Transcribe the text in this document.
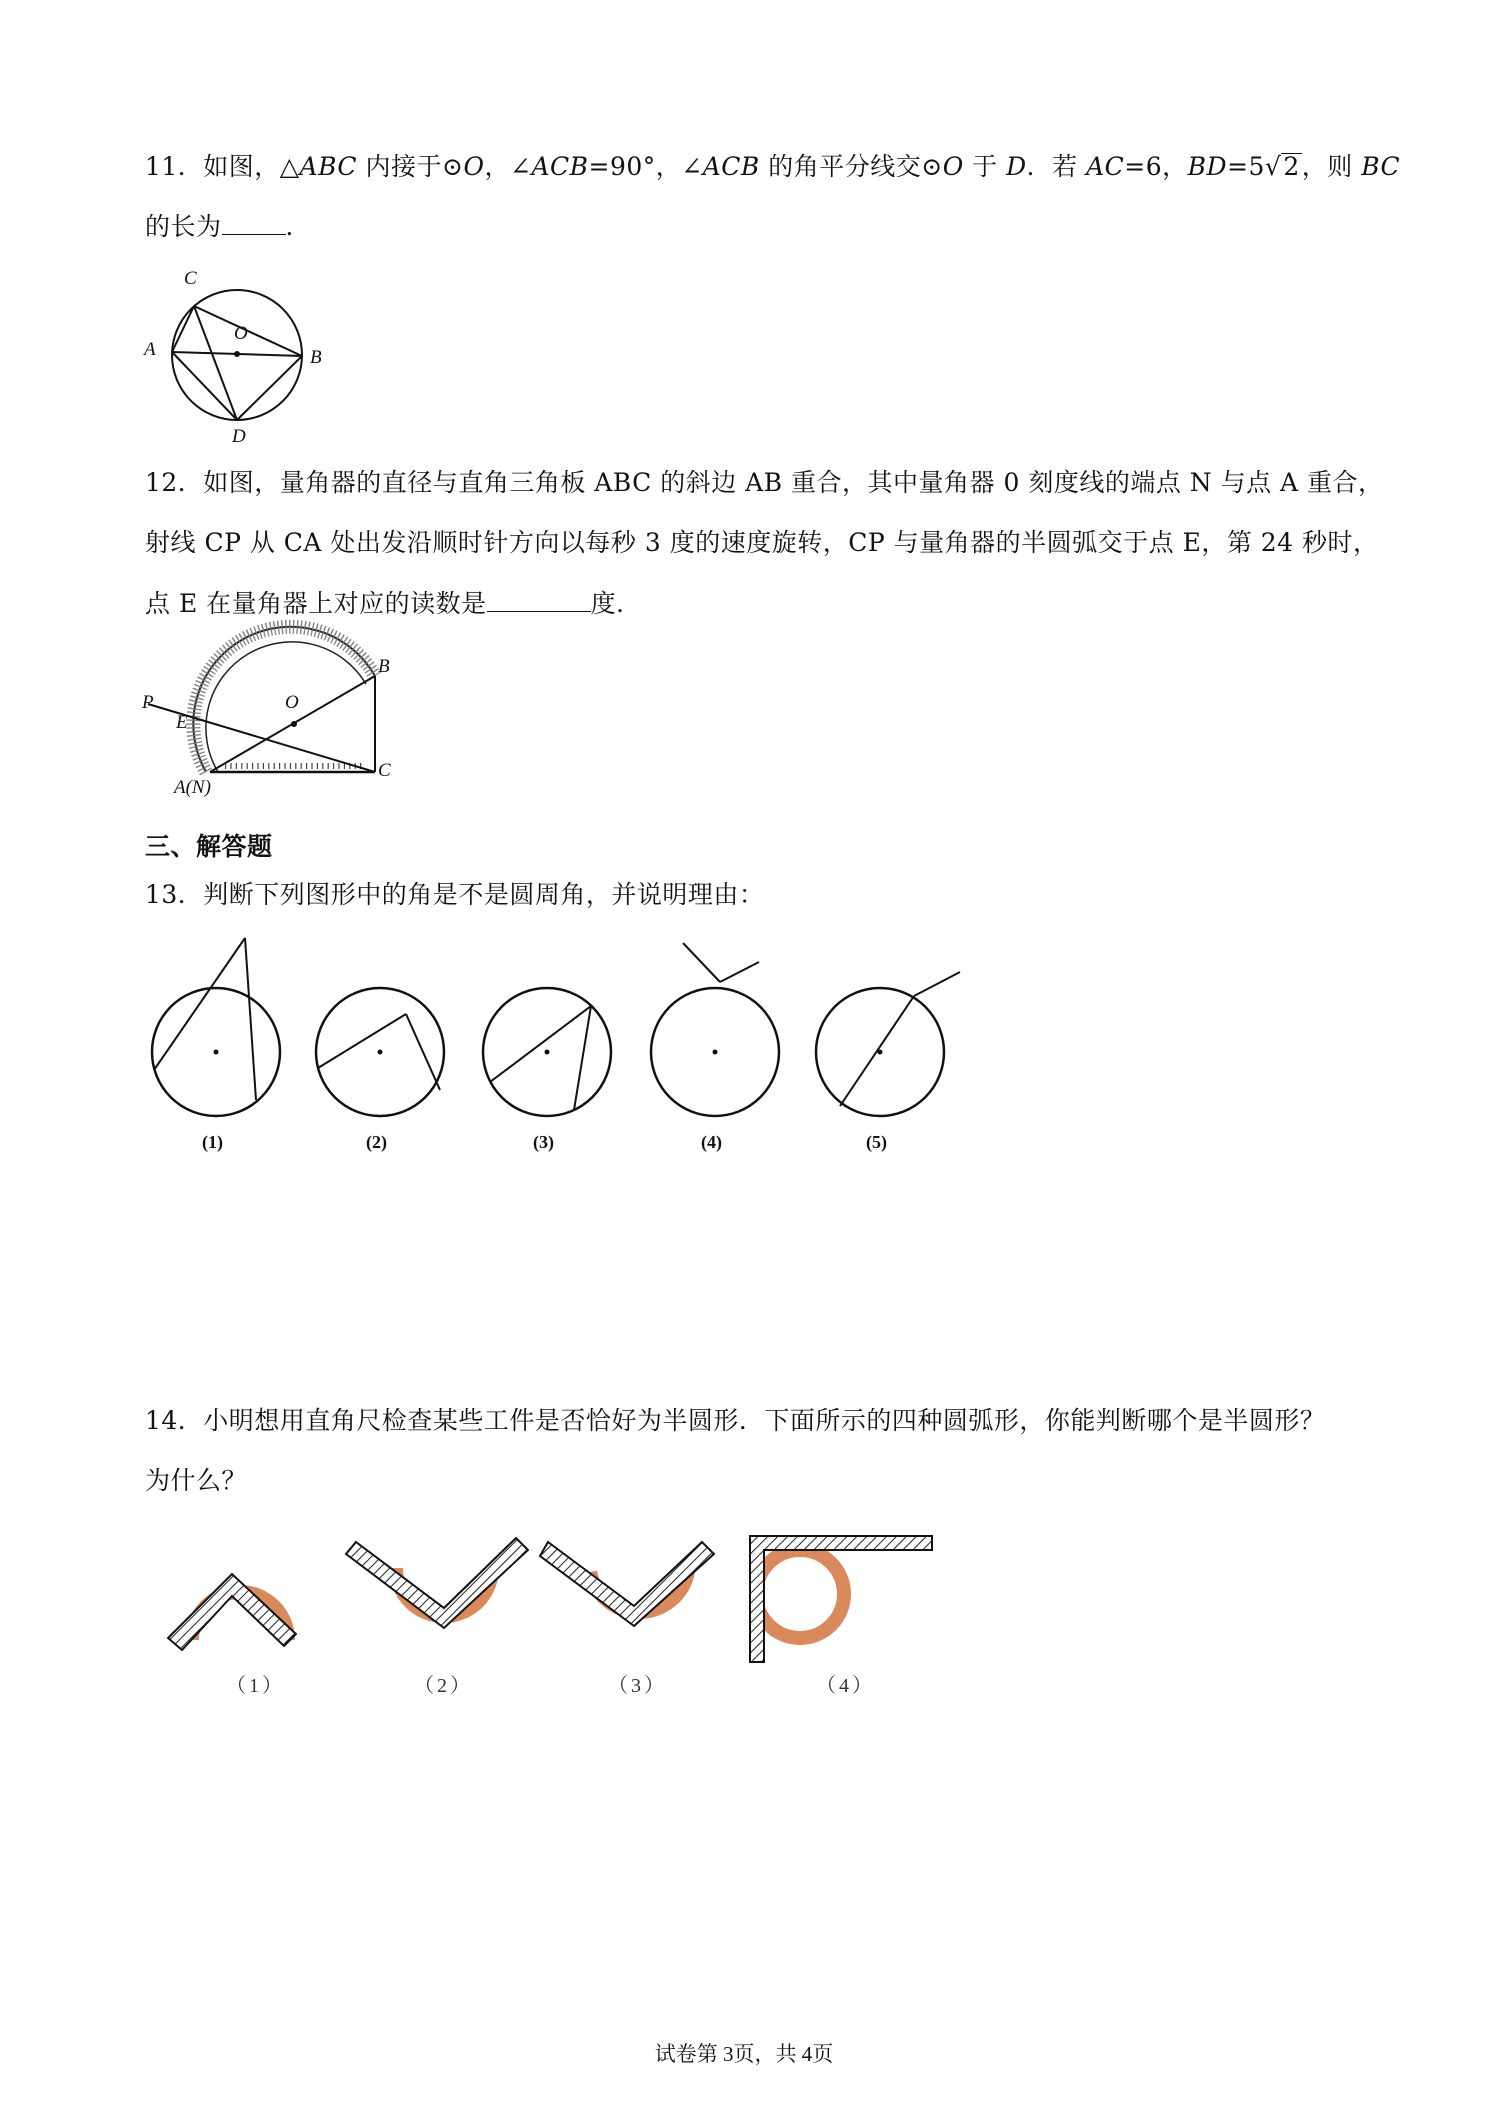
11．如图，△ABC 内接于⊙O，∠ACB=90°，∠ACB 的角平分线交⊙O 于 D．若 AC=6，BD=5√2，则 BC
的长为	．
C
O
A	B
D
12．如图，量角器的直径与直角三角板 ABC 的斜边 AB 重合，其中量角器 0 刻度线的端点 N 与点 A 重合，
射线 CP 从 CA 处出发沿顺时针方向以每秒 3 度的速度旋转，CP 与量角器的半圆弧交于点 E，第 24 秒时，
点 E 在量角器上对应的读数是	度．
O
B
P
E
A(N)
C
三、解答题
13．判断下列图形中的角是不是圆周角，并说明理由：
(1)	(2)	(3)	(4)	(5)
14．小明想用直角尺检查某些工件是否恰好为半圆形．下面所示的四种圆弧形，你能判断哪个是半圆形？
为什么？
（1）	（2）	（3）	（4）
试卷第 3页，共 4页
